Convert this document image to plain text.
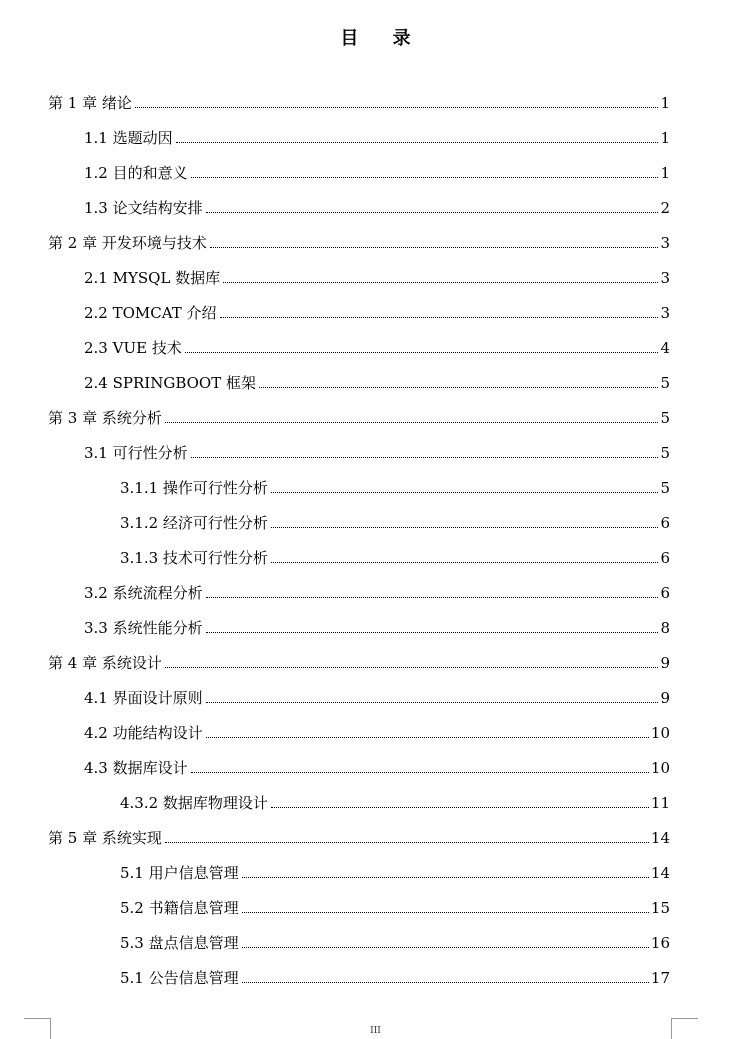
目 录
第 1 章 绪论	1
1.1 选题动因	1
1.2 目的和意义	1
1.3 论文结构安排	2
第 2 章 开发环境与技术	3
2.1 MYSQL 数据库	3
2.2 TOMCAT 介绍	3
2.3 VUE 技术	4
2.4 SPRINGBOOT 框架	5
第 3 章 系统分析	5
3.1 可行性分析	5
3.1.1 操作可行性分析	5
3.1.2 经济可行性分析	6
3.1.3 技术可行性分析	6
3.2 系统流程分析	6
3.3 系统性能分析	8
第 4 章 系统设计	9
4.1 界面设计原则	9
4.2 功能结构设计	10
4.3 数据库设计	10
4.3.2 数据库物理设计	11
第 5 章 系统实现	14
5.1 用户信息管理	14
5.2 书籍信息管理	15
5.3 盘点信息管理	16
5.1 公告信息管理	17
III
